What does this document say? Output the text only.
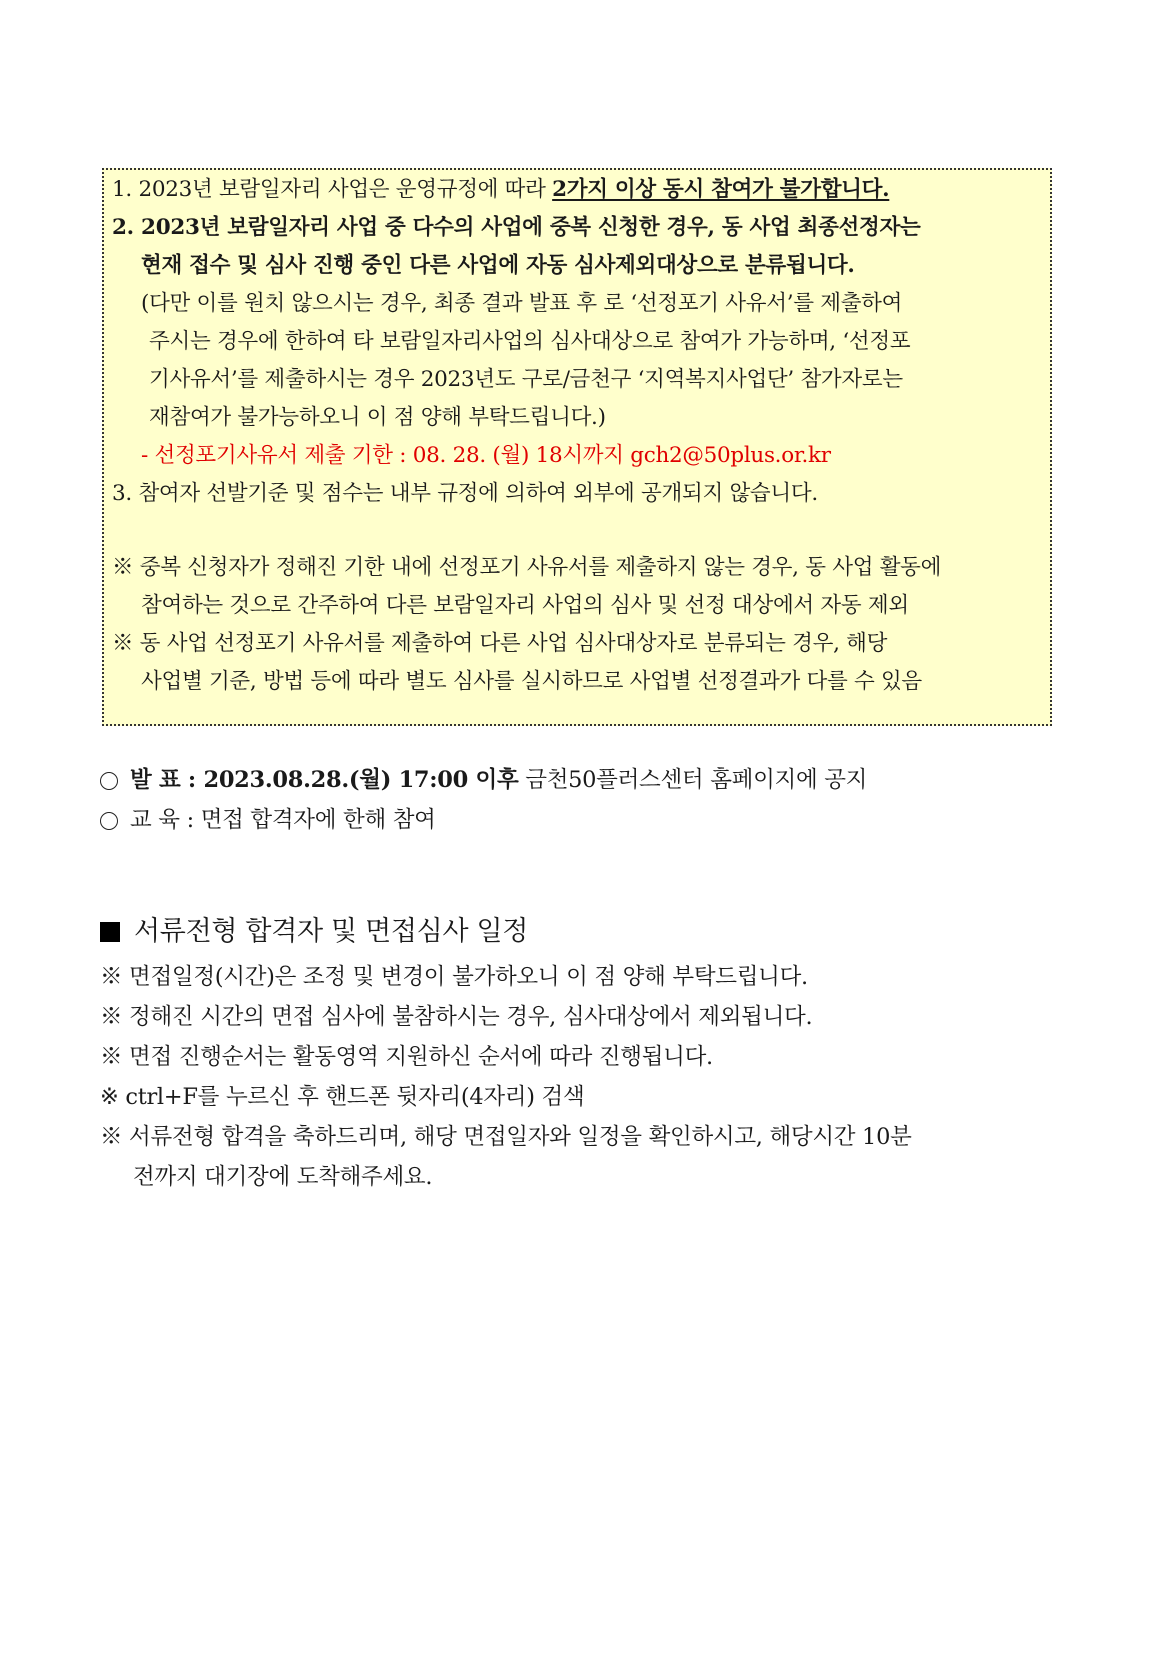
1. 2023년 보람일자리 사업은 운영규정에 따라 2가지 이상 동시 참여가 불가합니다.
2. 2023년 보람일자리 사업 중 다수의 사업에 중복 신청한 경우, 동 사업 최종선정자는
현재 접수 및 심사 진행 중인 다른 사업에 자동 심사제외대상으로 분류됩니다.
(다만 이를 원치 않으시는 경우, 최종 결과 발표 후 로 ‘선정포기 사유서’를 제출하여
주시는 경우에 한하여 타 보람일자리사업의 심사대상으로 참여가 가능하며, ‘선정포
기사유서’를 제출하시는 경우 2023년도 구로/금천구 ‘지역복지사업단’ 참가자로는
재참여가 불가능하오니 이 점 양해 부탁드립니다.)
- 선정포기사유서 제출 기한 : 08. 28. (월) 18시까지 gch2@50plus.or.kr
3. 참여자 선발기준 및 점수는 내부 규정에 의하여 외부에 공개되지 않습니다.
※ 중복 신청자가 정해진 기한 내에 선정포기 사유서를 제출하지 않는 경우, 동 사업 활동에
참여하는 것으로 간주하여 다른 보람일자리 사업의 심사 및 선정 대상에서 자동 제외
※ 동 사업 선정포기 사유서를 제출하여 다른 사업 심사대상자로 분류되는 경우, 해당
사업별 기준, 방법 등에 따라 별도 심사를 실시하므로 사업별 선정결과가 다를 수 있음
발 표 : 2023.08.28.(월) 17:00 이후 금천50플러스센터 홈페이지에 공지
교 육 : 면접 합격자에 한해 참여
서류전형 합격자 및 면접심사 일정
※ 면접일정(시간)은 조정 및 변경이 불가하오니 이 점 양해 부탁드립니다.
※ 정해진 시간의 면접 심사에 불참하시는 경우, 심사대상에서 제외됩니다.
※ 면접 진행순서는 활동영역 지원하신 순서에 따라 진행됩니다.
※ ctrl+F를 누르신 후 핸드폰 뒷자리(4자리) 검색
※ 서류전형 합격을 축하드리며, 해당 면접일자와 일정을 확인하시고, 해당시간 10분
전까지 대기장에 도착해주세요.
